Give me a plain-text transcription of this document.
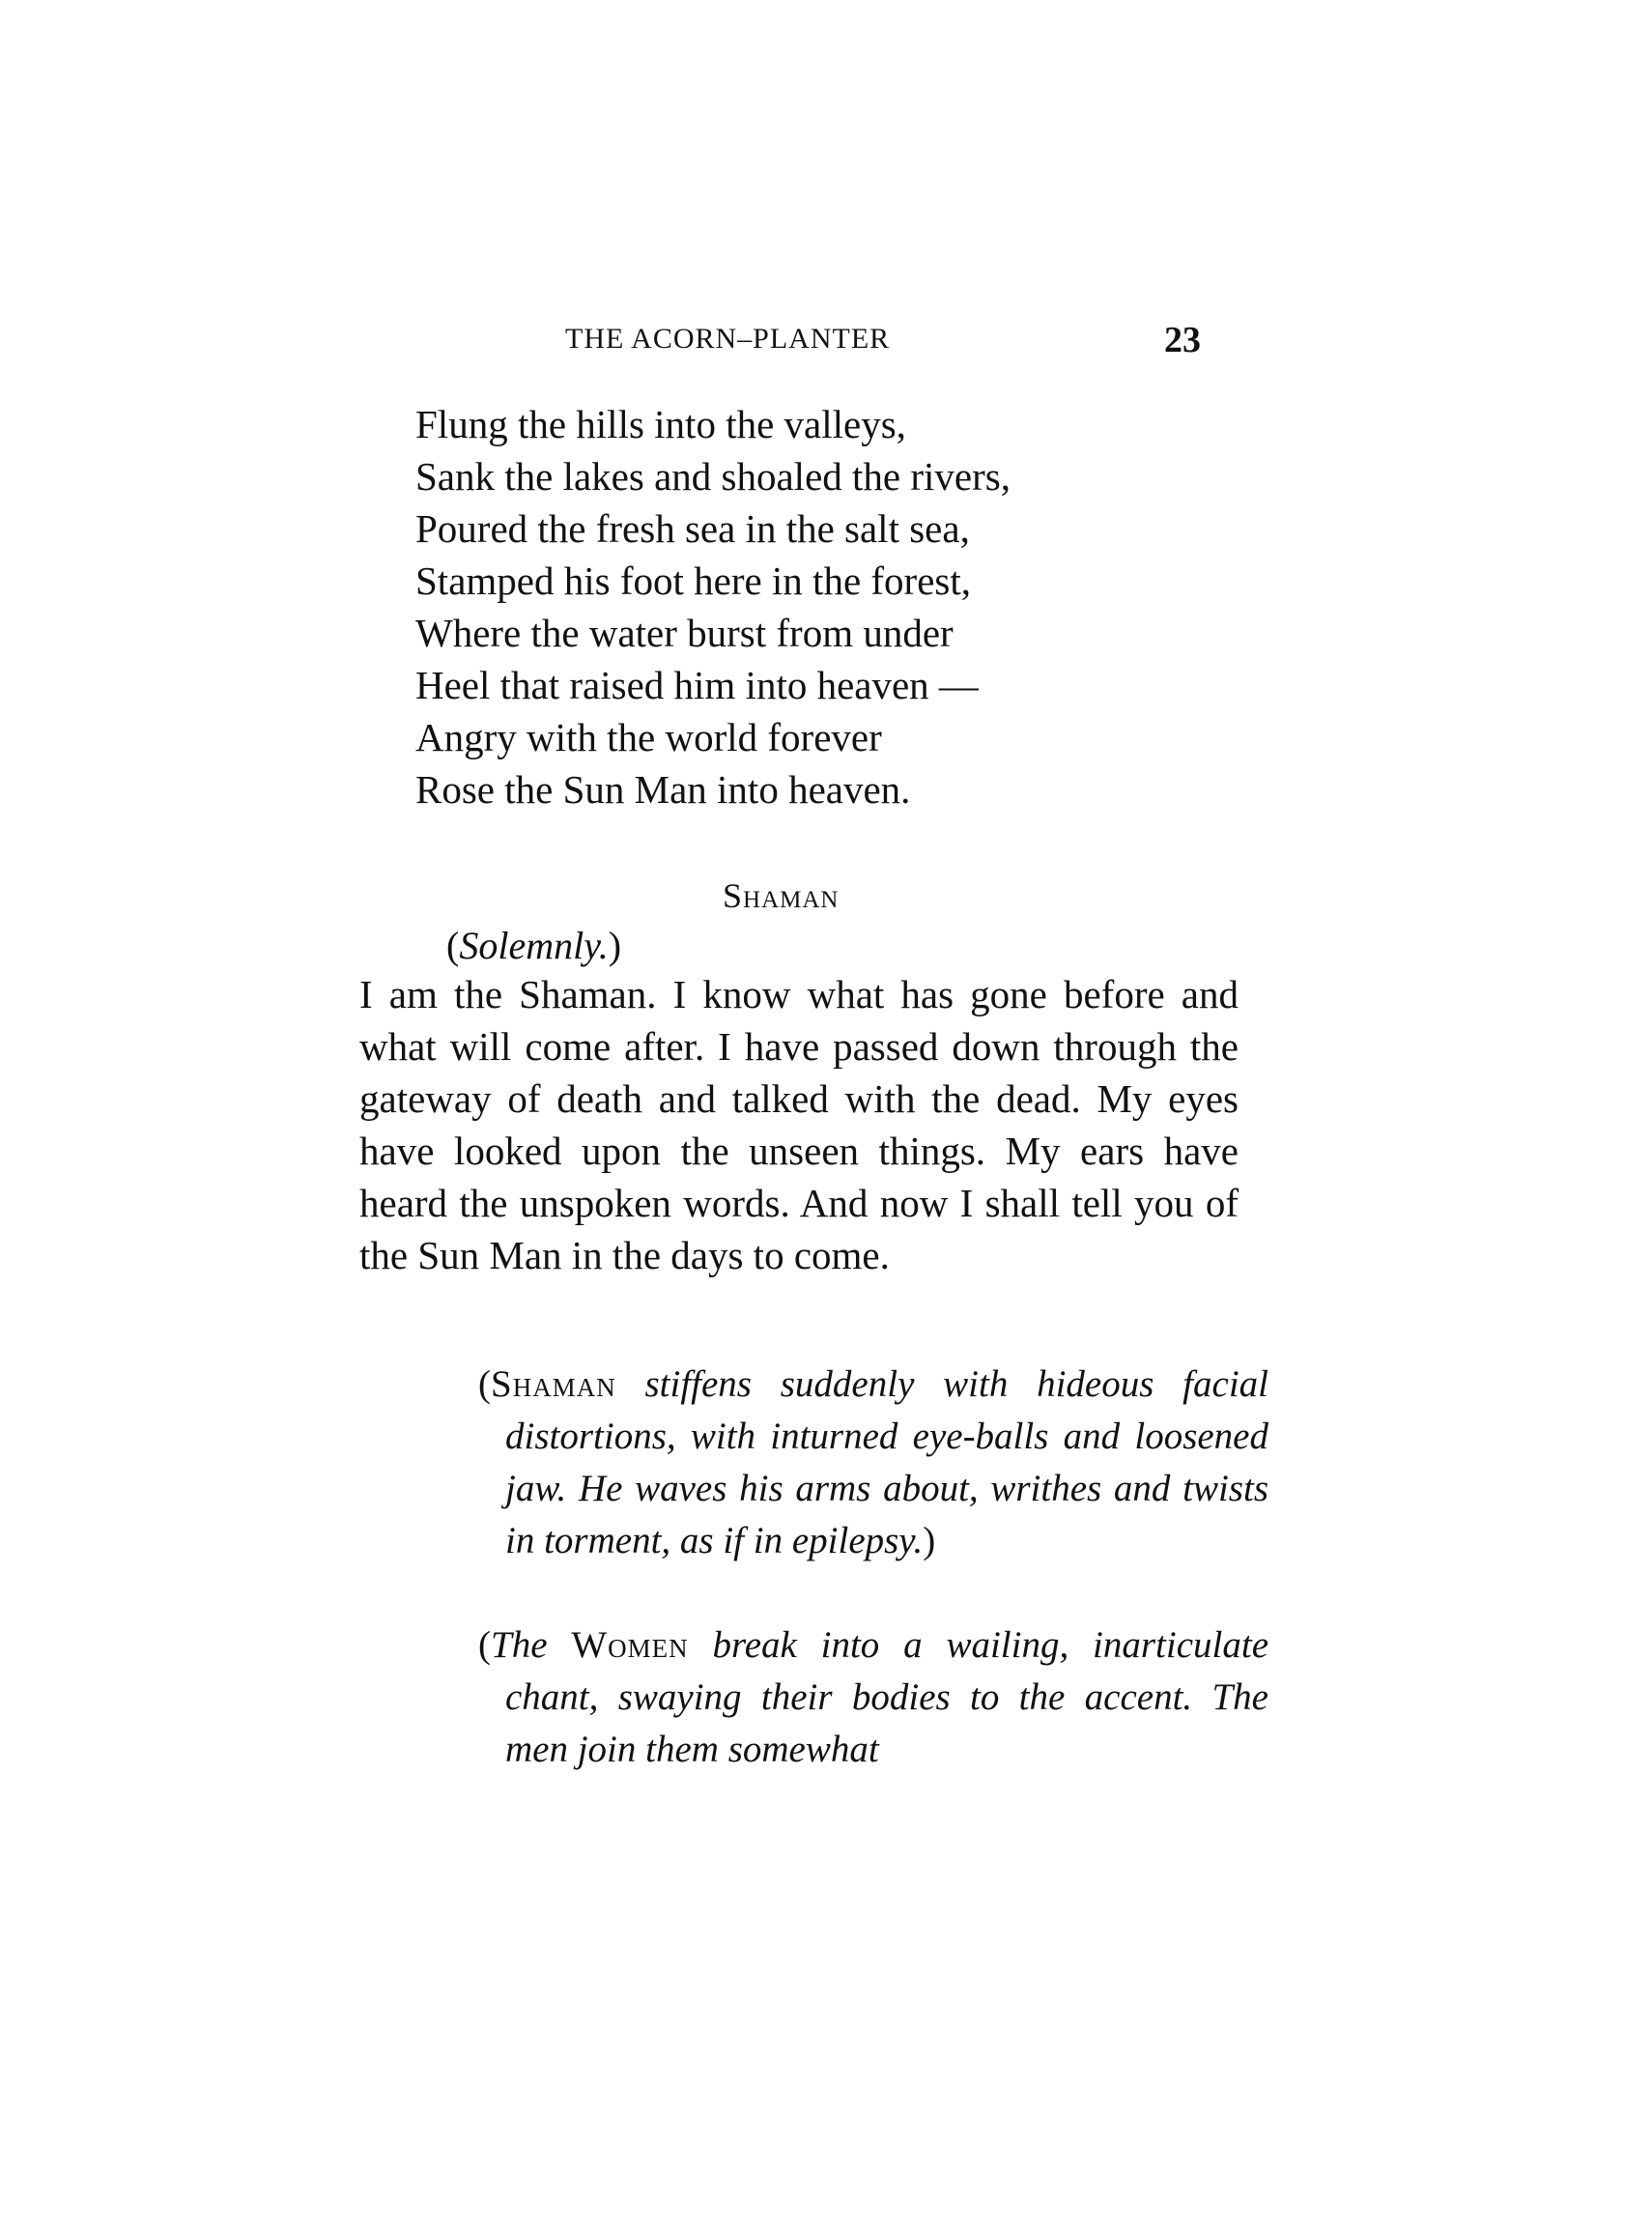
THE ACORN–PLANTER	23
Flung the hills into the valleys,
Sank the lakes and shoaled the rivers,
Poured the fresh sea in the salt sea,
Stamped his foot here in the forest,
Where the water burst from under
Heel that raised him into heaven —
Angry with the world forever
Rose the Sun Man into heaven.
Shaman
(Solemnly.)

I am the Shaman. I know what has gone before and what will come after. I have passed down through the gateway of death and talked with the dead. My eyes have looked upon the unseen things. My ears have heard the unspoken words. And now I shall tell you of the Sun Man in the days to come.

(Shaman stiffens suddenly with hideous facial distortions, with inturned eye-balls and loosened jaw. He waves his arms about, writhes and twists in torment, as if in epilepsy.)

(The Women break into a wailing, inarticulate chant, swaying their bodies to the accent. The men join them somewhat
